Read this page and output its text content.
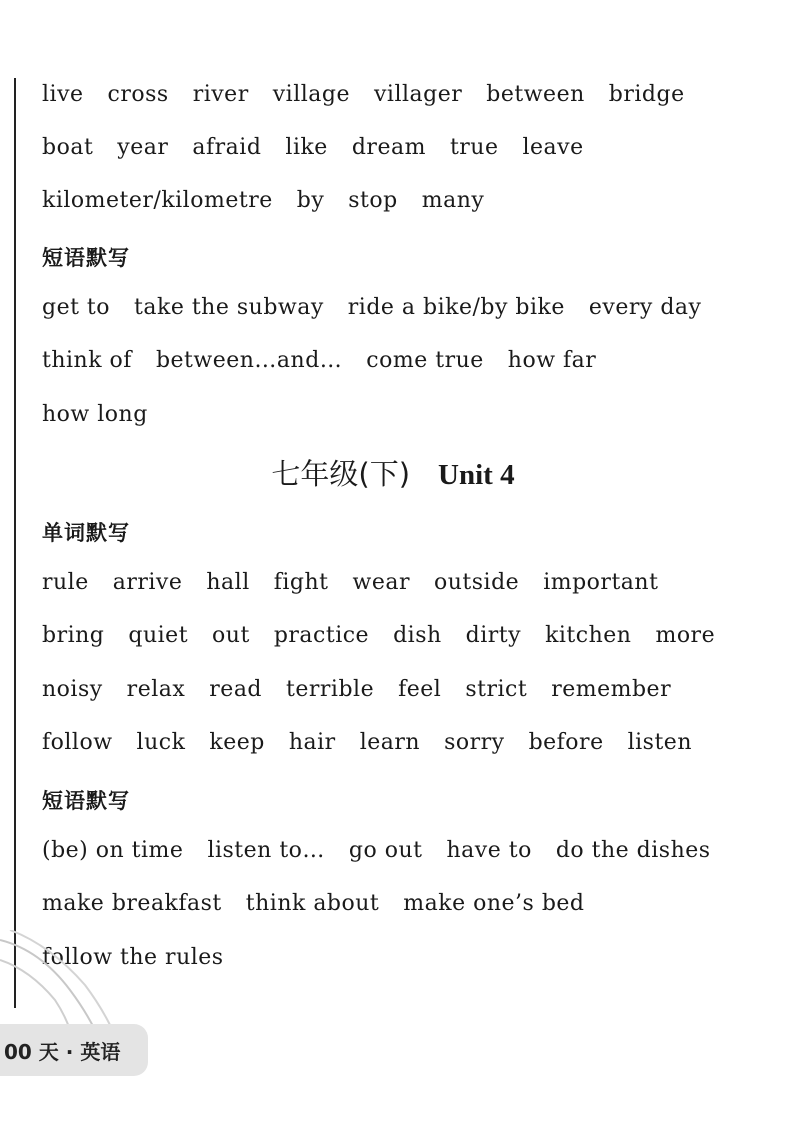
live cross river village villager between bridge
boat year afraid like dream true leave
kilometer/kilometre by stop many
短语默写
get to take the subway ride a bike/by bike every day
think of between…and… come true how far
how long
七年级(下) Unit 4
单词默写
rule arrive hall fight wear outside important
bring quiet out practice dish dirty kitchen more
noisy relax read terrible feel strict remember
follow luck keep hair learn sorry before listen
短语默写
(be) on time listen to… go out have to do the dishes
make breakfast think about make one’s bed
follow the rules
00 天 · 英语
